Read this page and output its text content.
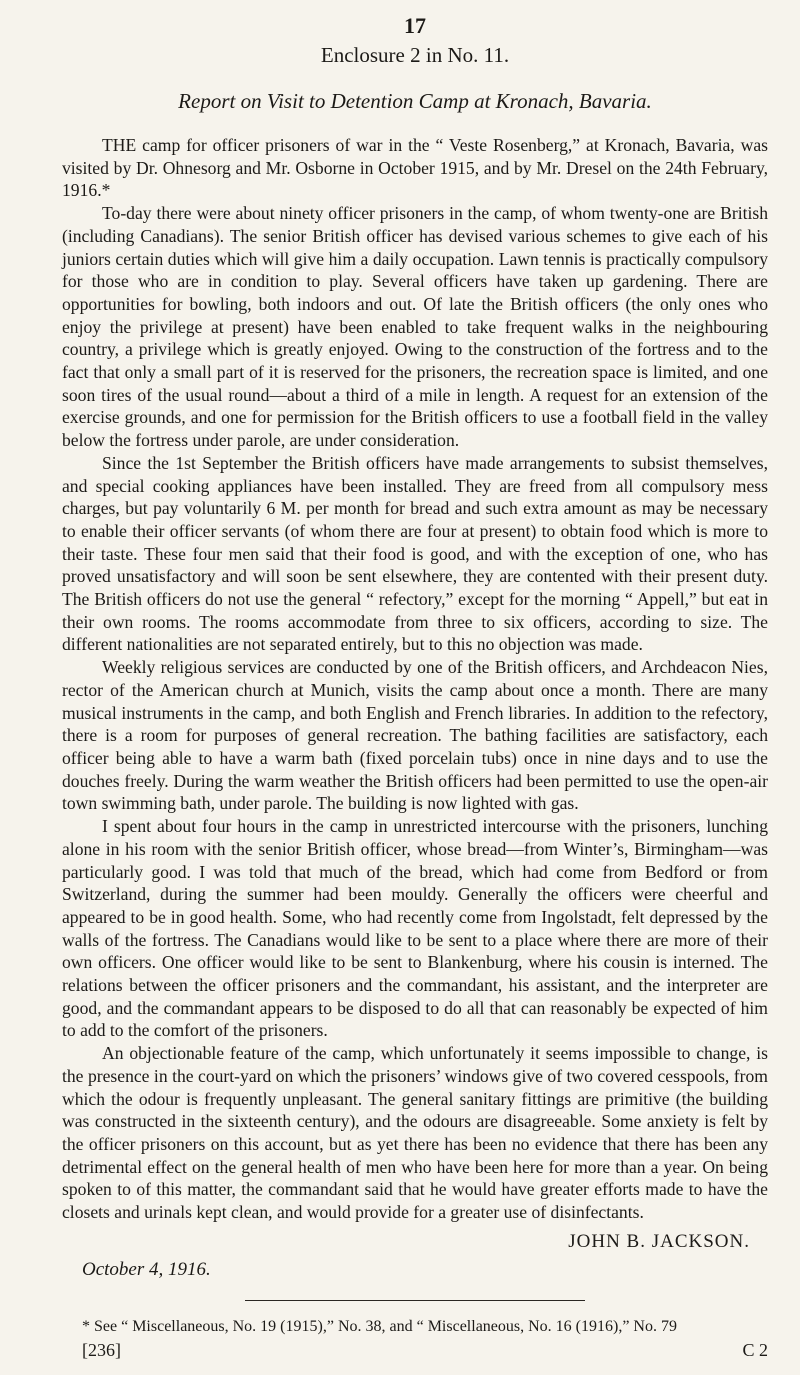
17
Enclosure 2 in No. 11.
Report on Visit to Detention Camp at Kronach, Bavaria.

THE camp for officer prisoners of war in the “ Veste Rosenberg,” at Kronach, Bavaria, was visited by Dr. Ohnesorg and Mr. Osborne in October 1915, and by Mr. Dresel on the 24th February, 1916.*

To-day there were about ninety officer prisoners in the camp, of whom twenty-one are British (including Canadians). The senior British officer has devised various schemes to give each of his juniors certain duties which will give him a daily occupation. Lawn tennis is practically compulsory for those who are in condition to play. Several officers have taken up gardening. There are opportunities for bowling, both indoors and out. Of late the British officers (the only ones who enjoy the privilege at present) have been enabled to take frequent walks in the neighbouring country, a privilege which is greatly enjoyed. Owing to the construction of the fortress and to the fact that only a small part of it is reserved for the prisoners, the recreation space is limited, and one soon tires of the usual round—about a third of a mile in length. A request for an extension of the exercise grounds, and one for permission for the British officers to use a football field in the valley below the fortress under parole, are under consideration.

Since the 1st September the British officers have made arrangements to subsist themselves, and special cooking appliances have been installed. They are freed from all compulsory mess charges, but pay voluntarily 6 M. per month for bread and such extra amount as may be necessary to enable their officer servants (of whom there are four at present) to obtain food which is more to their taste. These four men said that their food is good, and with the exception of one, who has proved unsatisfactory and will soon be sent elsewhere, they are contented with their present duty. The British officers do not use the general “ refectory,” except for the morning “ Appell,” but eat in their own rooms. The rooms accommodate from three to six officers, according to size. The different nationalities are not separated entirely, but to this no objection was made.

Weekly religious services are conducted by one of the British officers, and Archdeacon Nies, rector of the American church at Munich, visits the camp about once a month. There are many musical instruments in the camp, and both English and French libraries. In addition to the refectory, there is a room for purposes of general recreation. The bathing facilities are satisfactory, each officer being able to have a warm bath (fixed porcelain tubs) once in nine days and to use the douches freely. During the warm weather the British officers had been permitted to use the open-air town swimming bath, under parole. The building is now lighted with gas.

I spent about four hours in the camp in unrestricted intercourse with the prisoners, lunching alone in his room with the senior British officer, whose bread—from Winter’s, Birmingham—was particularly good. I was told that much of the bread, which had come from Bedford or from Switzerland, during the summer had been mouldy. Generally the officers were cheerful and appeared to be in good health. Some, who had recently come from Ingolstadt, felt depressed by the walls of the fortress. The Canadians would like to be sent to a place where there are more of their own officers. One officer would like to be sent to Blankenburg, where his cousin is interned. The relations between the officer prisoners and the commandant, his assistant, and the interpreter are good, and the commandant appears to be disposed to do all that can reasonably be expected of him to add to the comfort of the prisoners.

An objectionable feature of the camp, which unfortunately it seems impossible to change, is the presence in the court-yard on which the prisoners’ windows give of two covered cesspools, from which the odour is frequently unpleasant. The general sanitary fittings are primitive (the building was constructed in the sixteenth century), and the odours are disagreeable. Some anxiety is felt by the officer prisoners on this account, but as yet there has been no evidence that there has been any detrimental effect on the general health of men who have been here for more than a year. On being spoken to of this matter, the commandant said that he would have greater efforts made to have the closets and urinals kept clean, and would provide for a greater use of disinfectants.

JOHN B. JACKSON.
October 4, 1916.
* See “ Miscellaneous, No. 19 (1915),” No. 38, and “ Miscellaneous, No. 16 (1916),” No. 79
[236]	C 2
